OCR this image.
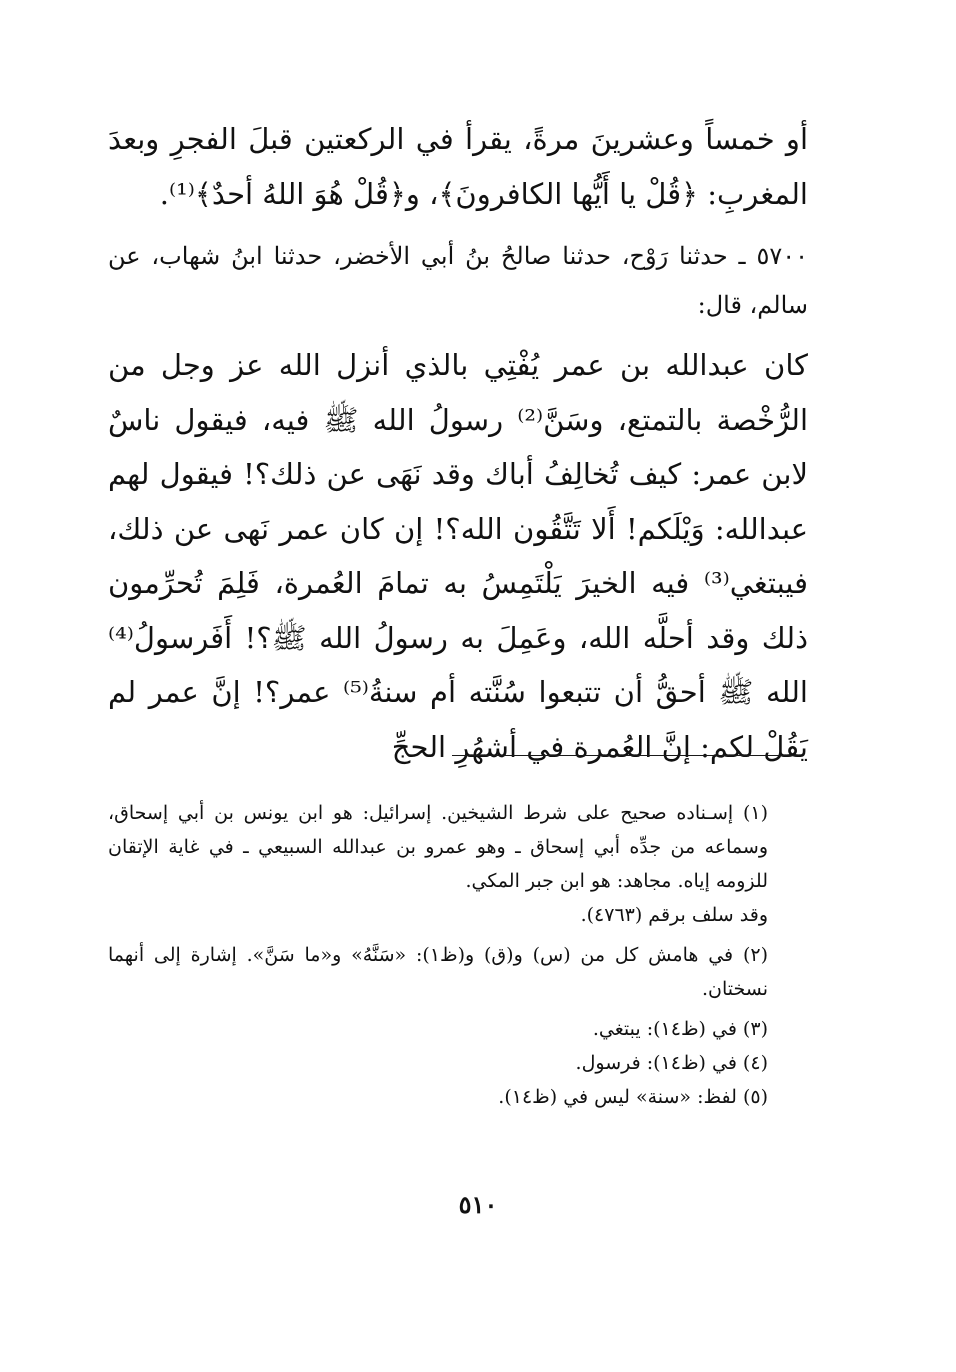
أو خمساً وعشرينَ مرةً، يقرأ في الركعتين قبلَ الفجرِ وبعدَ المغربِ: ﴿قُلْ يا أَيُّها الكافرونَ﴾، و﴿قُلْ هُوَ اللهُ أحدٌ﴾⁽¹⁾.

٥٧٠٠ ـ حدثنا رَوْح، حدثنا صالحُ بنُ أبي الأخضر، حدثنا ابنُ شهاب، عن سالم، قال:

كان عبدالله بن عمر يُفْتِي بالذي أنزل الله عز وجل من الرُّخْصة بالتمتع، وسَنَّ⁽²⁾ رسولُ الله ﷺ فيه، فيقول ناسٌ لابن عمر: كيف تُخالِفُ أباك وقد نَهَى عن ذلك؟! فيقول لهم عبدالله: وَيْلَكم! أَلا تَتَّقُون الله؟! إن كان عمر نَهى عن ذلك، فيبتغي⁽³⁾ فيه الخيرَ يَلْتَمِسُ به تمامَ العُمرة، فَلِمَ تُحرِّمون ذلك وقد أحلَّه الله، وعَمِلَ به رسولُ الله ﷺ؟! أَفَرسولُ⁽⁴⁾ الله ﷺ أحقُّ أن تتبعوا سُنَّته أم سنةُ⁽⁵⁾ عمر؟! إنَّ عمر لم يَقُلْ لكم: إنَّ العُمرة في أشهُرِ الحجِّ

(١) إسـناده صحيح على شرط الشيخين. إسرائيل: هو ابن يونس بن أبي إسحاق، وسماعه من جدِّه أبي إسحاق ـ وهو عمرو بن عبدالله السبيعي ـ في غاية الإتقان للزومه إياه. مجاهد: هو ابن جبر المكي.

وقد سلف برقم (٤٧٦٣).

(٢) في هامش كل من (س) و(ق) و(ظ١): «سَنَّهُ» و«ما سَنَّ». إشارة إلى أنهما نسختان.

(٣) في (ظ١٤): يبتغي.

(٤) في (ظ١٤): فرسول.

(٥) لفظ: «سنة» ليس في (ظ١٤).

٥١٠
